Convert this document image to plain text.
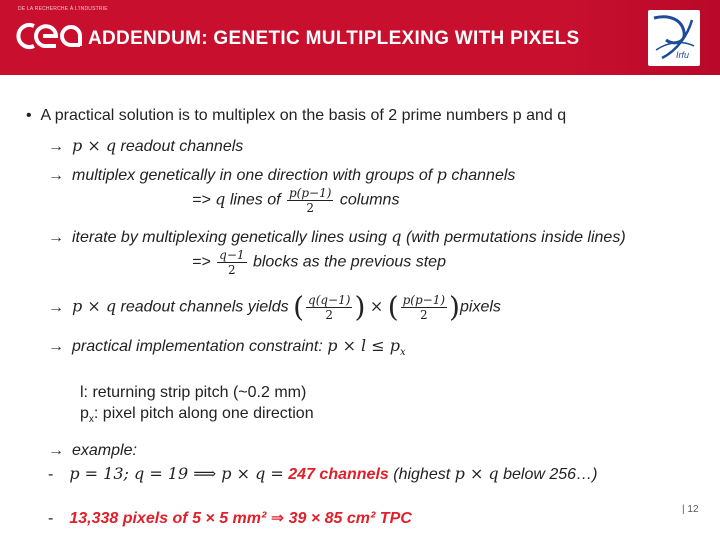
DE LA RECHERCHE À L'INDUSTRIE
ADDENDUM: GENETIC MULTIPLEXING WITH PIXELS
Irfu
•  A practical solution is to multiplex on the basis of 2 prime numbers p and q
→ p × q readout channels
→ multiplex genetically in one direction with groups of p channels
=> q lines of $\frac{p(p-1)}{2}$ columns
→ iterate by multiplexing genetically lines using q (with permutations inside lines)
=> $\frac{q-1}{2}$ blocks as the previous step
→ p × q readout channels yields ( $\frac{q(q-1)}{2}$ ) × ( $\frac{p(p-1)}{2}$ )pixels
→ practical implementation constraint: $p \times l \le p_x$
l: returning strip pitch (~0.2 mm)
$p_x$: pixel pitch along one direction
→ example:
- p = 13; q = 19 ⟹ p × q = 247 channels (highest p × q below 256…)
- 13,338 pixels of 5 × 5 mm² ⇒ 39 × 85 cm² TPC
| 12
